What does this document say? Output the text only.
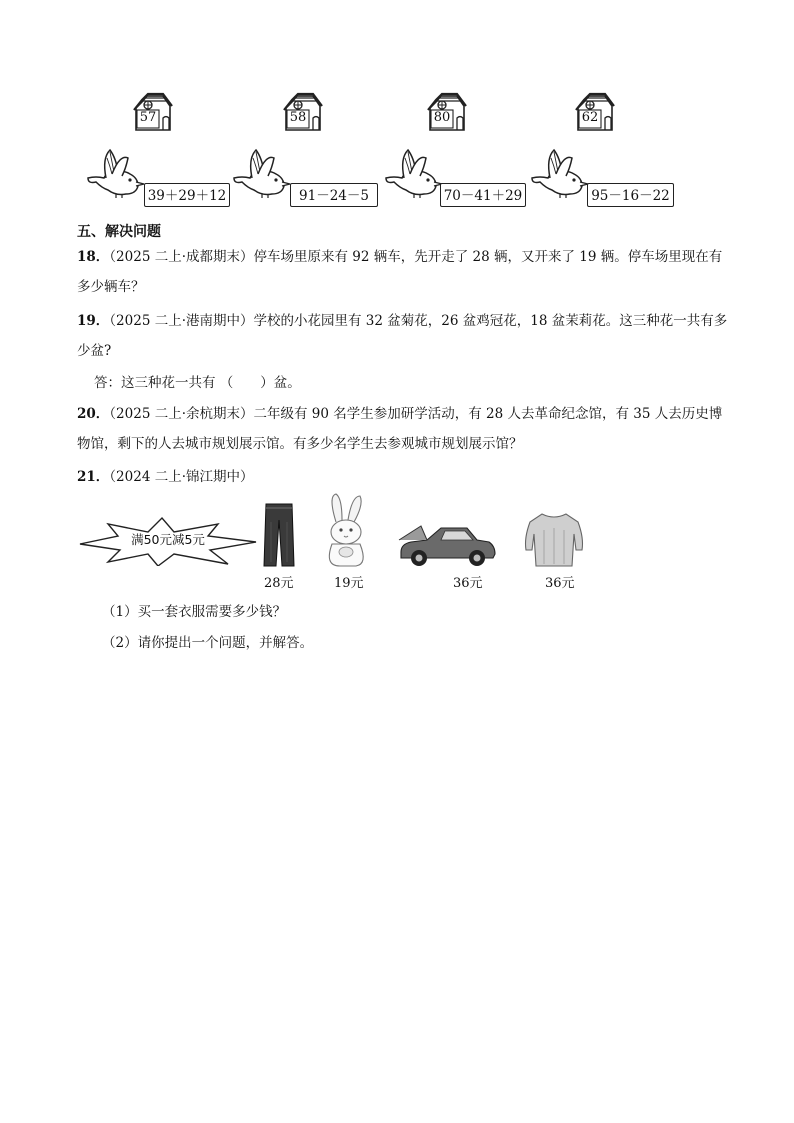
57	58	80	62
39＋29＋12	91－24－5	70－41＋29	95－16－22
五、解决问题
18．（2025 二上·成都期末）停车场里原来有 92 辆车，先开走了 28 辆，又开来了 19 辆。停车场里现在有
多少辆车？
19．（2025 二上·港南期中）学校的小花园里有 32 盆菊花，26 盆鸡冠花，18 盆茉莉花。这三种花一共有多
少盆?
答：这三种花一共有 （　　）盆。
20．（2025 二上·余杭期末）二年级有 90 名学生参加研学活动，有 28 人去革命纪念馆，有 35 人去历史博
物馆，剩下的人去城市规划展示馆。有多少名学生去参观城市规划展示馆？
21．（2024 二上·锦江期中）
满50元减5元
28元	19元	36元	36元
（1）买一套衣服需要多少钱？
（2）请你提出一个问题，并解答。
